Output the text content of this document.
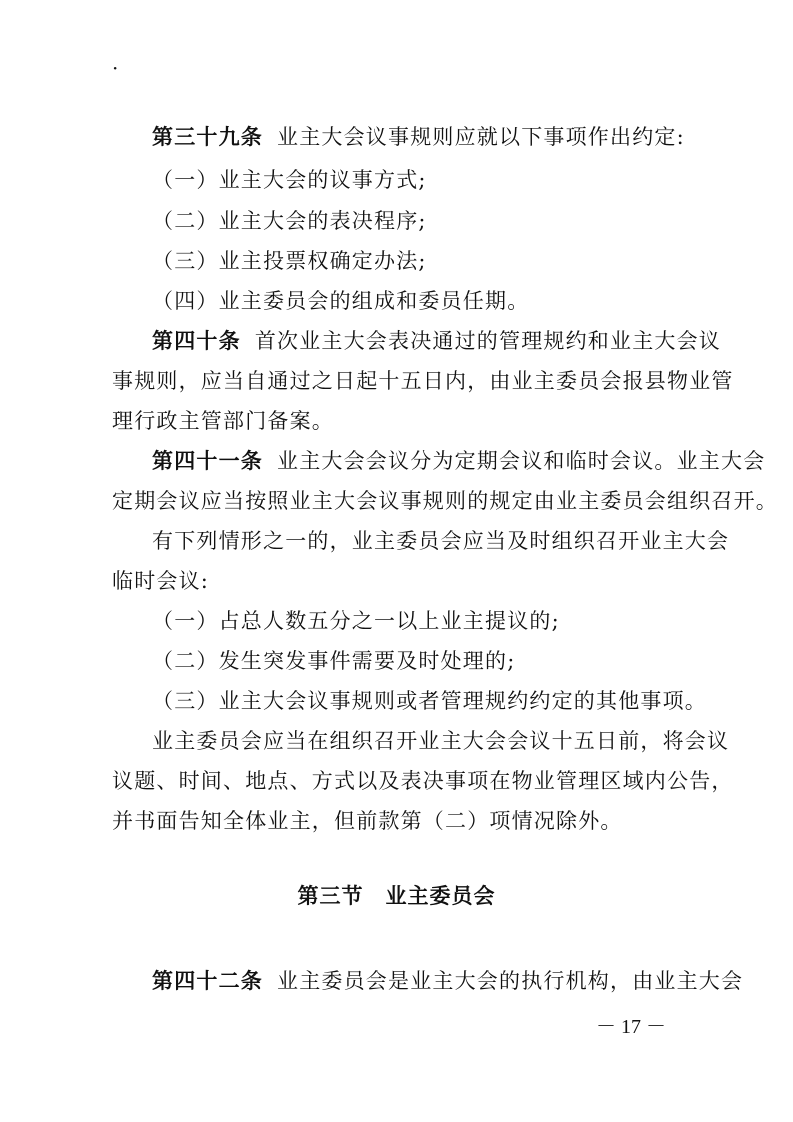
·
第三十九条 业主大会议事规则应就以下事项作出约定:
（一）业主大会的议事方式;
（二）业主大会的表决程序;
（三）业主投票权确定办法;
（四）业主委员会的组成和委员任期。
第四十条 首次业主大会表决通过的管理规约和业主大会议
事规则，应当自通过之日起十五日内，由业主委员会报县物业管
理行政主管部门备案。
第四十一条 业主大会会议分为定期会议和临时会议。业主大会
定期会议应当按照业主大会议事规则的规定由业主委员会组织召开。
有下列情形之一的，业主委员会应当及时组织召开业主大会
临时会议:
（一）占总人数五分之一以上业主提议的;
（二）发生突发事件需要及时处理的;
（三）业主大会议事规则或者管理规约约定的其他事项。
业主委员会应当在组织召开业主大会会议十五日前，将会议
议题、时间、地点、方式以及表决事项在物业管理区域内公告，
并书面告知全体业主，但前款第（二）项情况除外。
第三节 业主委员会
第四十二条 业主委员会是业主大会的执行机构，由业主大会
－ 17 －
